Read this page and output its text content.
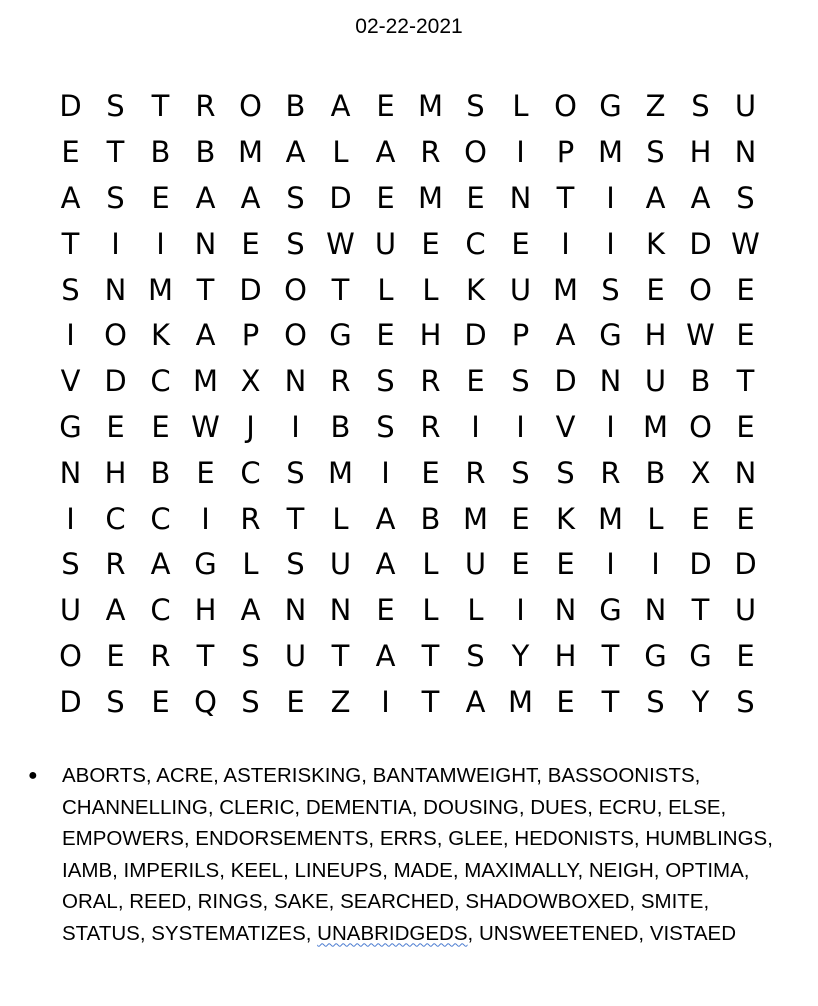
02-22-2021
D S T R O B A E M S L O G Z S U
E T B B M A L A R O	I	P M S H N
A S E A A S D E M E N T	I	A A S
T	I	I	N E S W U E C E	I	I	K D W
S N M T D O T L L K U M S E O E
I	O K A P O G E H D P A G H W E
V D C M X N R S R E S D N U B T
G E E W J	I	B S R	I	I	V	I M O E
N H B E C S M I	E R S S R B X N
I	C C	I	R T L A B M E K M L E E
S R A G L S U A L U E E	I	I	D D
U A C H A N N E L L	I	N G N T U
O E R T S U T A T S Y H T G G E
D S E Q S E Z	I	T A M E T S Y S
●	ABORTS, ACRE, ASTERISKING, BANTAMWEIGHT, BASSOONISTS, CHANNELLING, CLERIC, DEMENTIA, DOUSING, DUES, ECRU, ELSE, EMPOWERS, ENDORSEMENTS, ERRS, GLEE, HEDONISTS, HUMBLINGS, IAMB, IMPERILS, KEEL, LINEUPS, MADE, MAXIMALLY, NEIGH, OPTIMA, ORAL, REED, RINGS, SAKE, SEARCHED, SHADOWBOXED, SMITE, STATUS, SYSTEMATIZES, UNABRIDGEDS, UNSWEETENED, VISTAED
